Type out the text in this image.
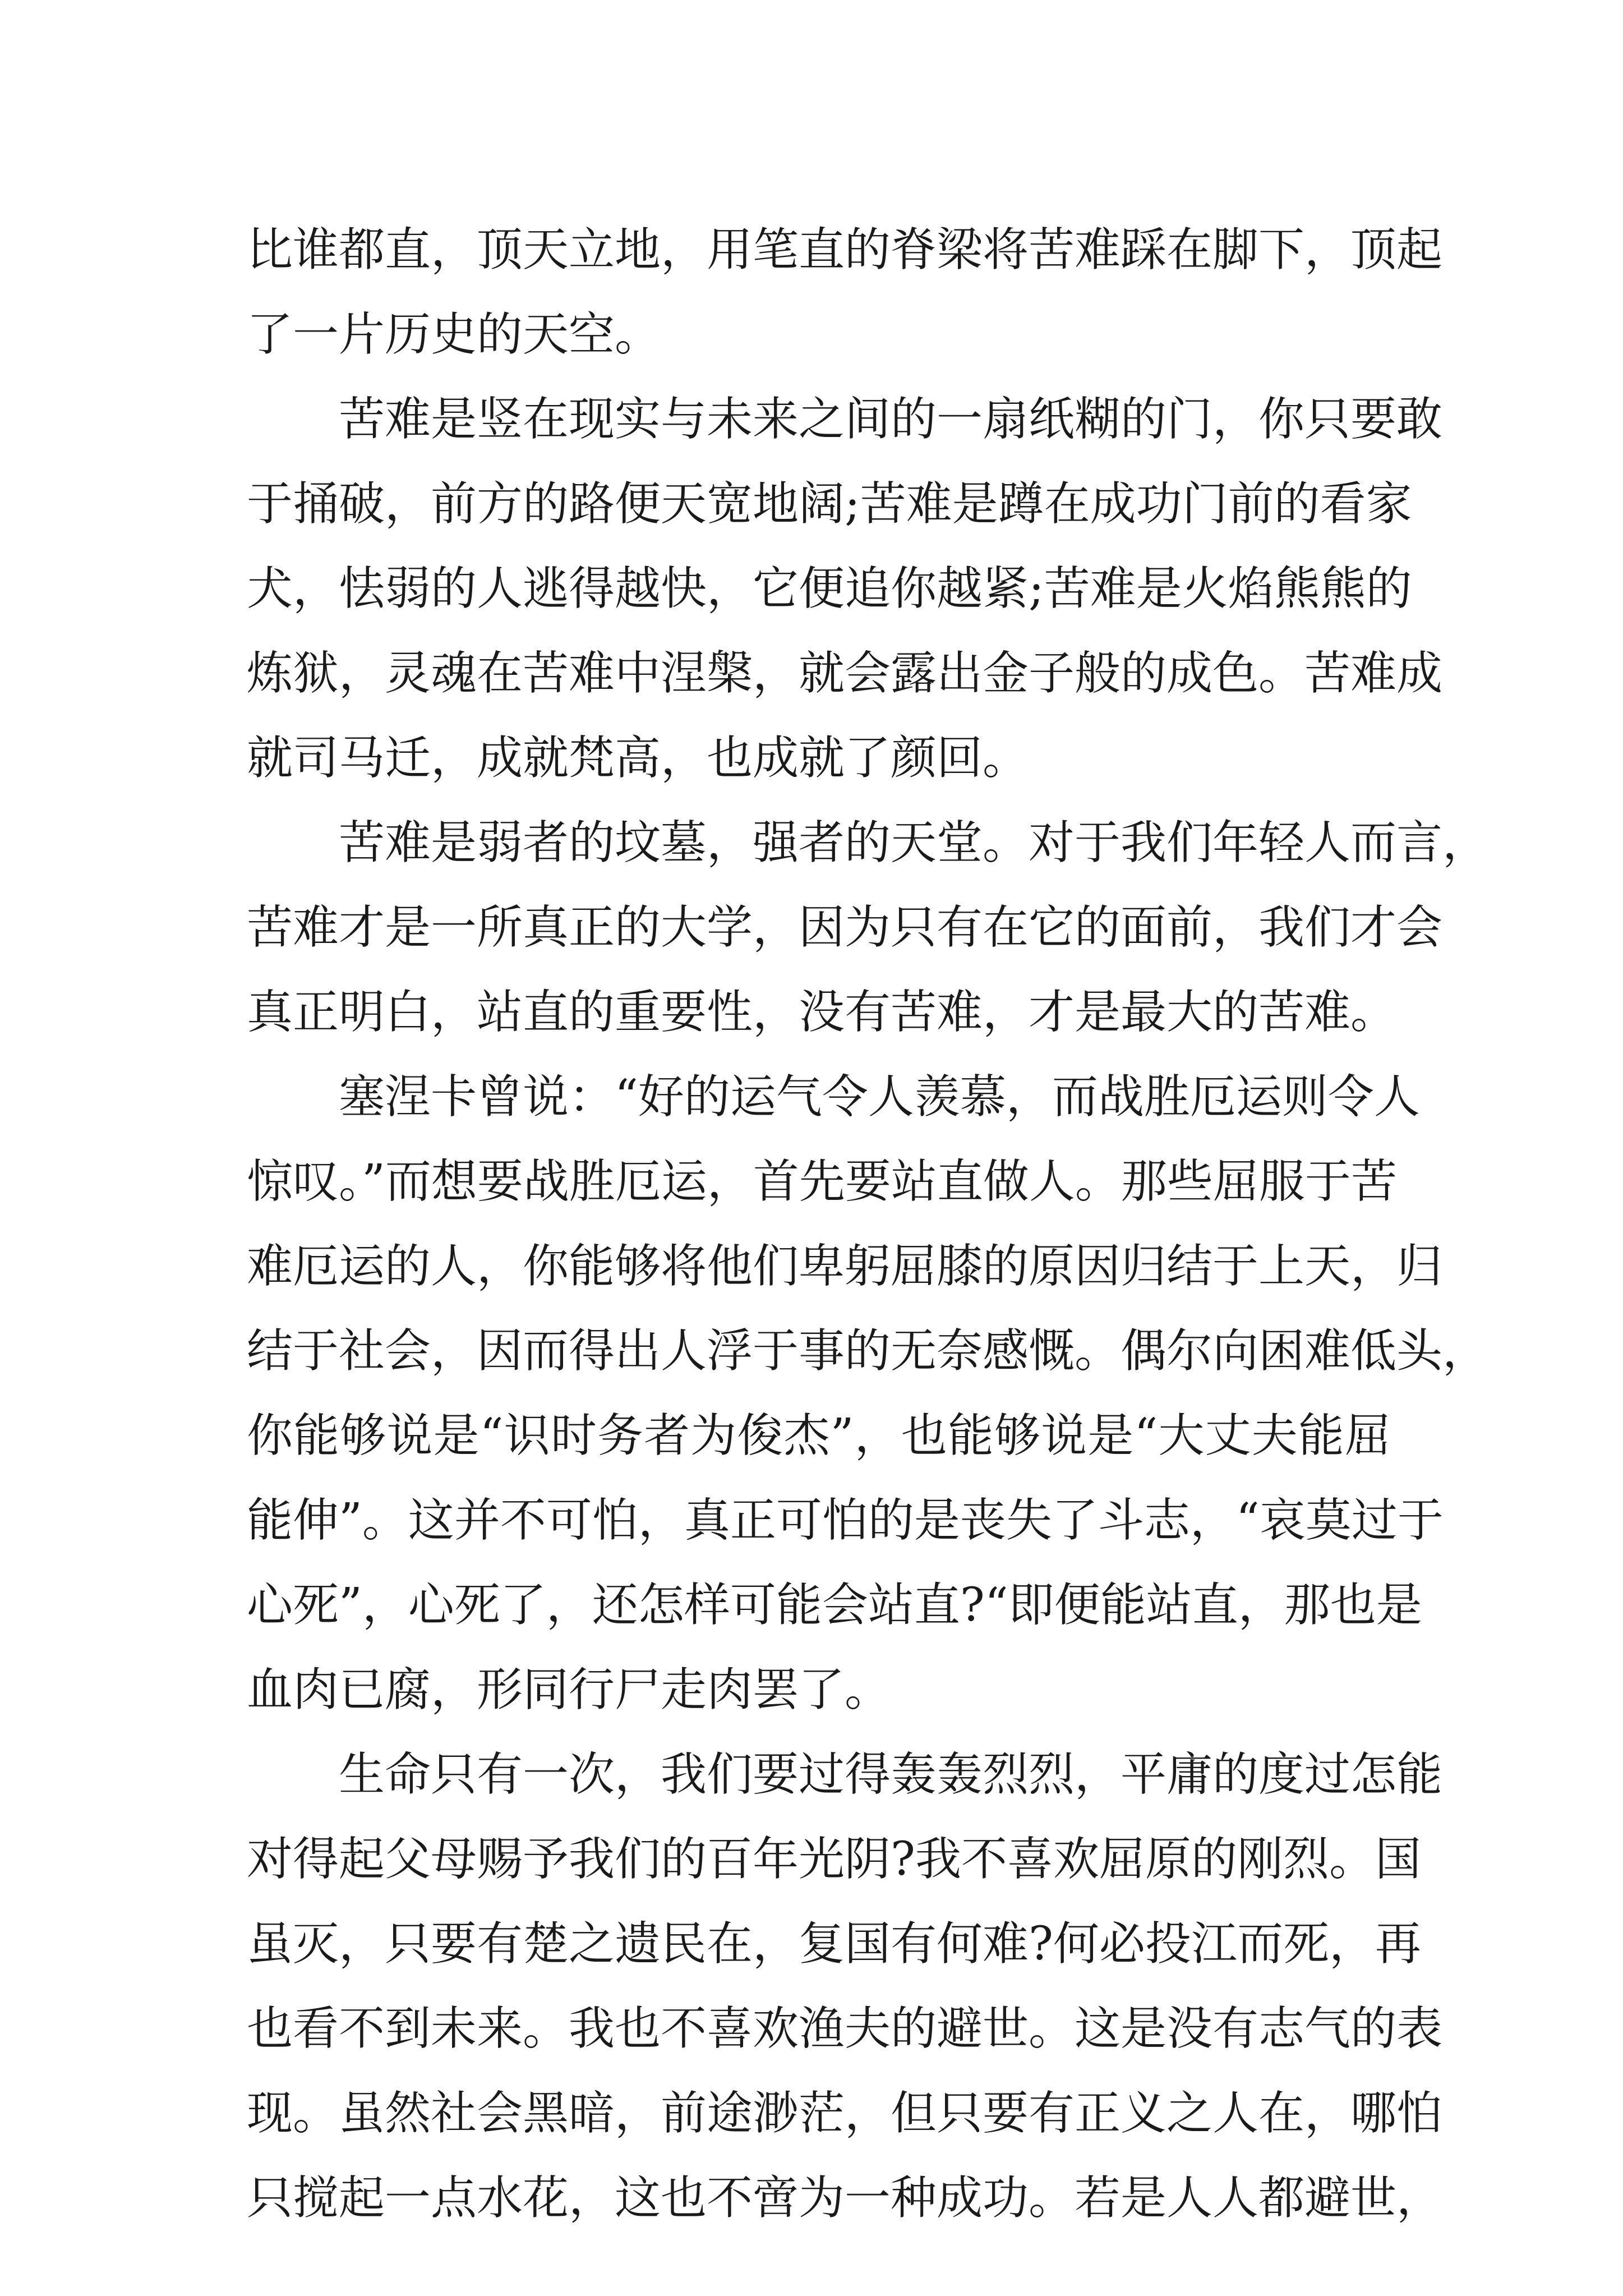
比谁都直，顶天立地，用笔直的脊梁将苦难踩在脚下，顶起
了一片历史的天空。
苦难是竖在现实与未来之间的一扇纸糊的门，你只要敢
于捅破，前方的路便天宽地阔;苦难是蹲在成功门前的看家
犬，怯弱的人逃得越快，它便追你越紧;苦难是火焰熊熊的
炼狱，灵魂在苦难中涅槃，就会露出金子般的成色。苦难成
就司马迁，成就梵高，也成就了颜回。
苦难是弱者的坟墓，强者的天堂。对于我们年轻人而言，
苦难才是一所真正的大学，因为只有在它的面前，我们才会
真正明白，站直的重要性，没有苦难，才是最大的苦难。
塞涅卡曾说：“好的运气令人羡慕，而战胜厄运则令人
惊叹。”而想要战胜厄运，首先要站直做人。那些屈服于苦
难厄运的人，你能够将他们卑躬屈膝的原因归结于上天，归
结于社会，因而得出人浮于事的无奈感慨。偶尔向困难低头，
你能够说是“识时务者为俊杰”，也能够说是“大丈夫能屈
能伸”。这并不可怕，真正可怕的是丧失了斗志，“哀莫过于
心死”，心死了，还怎样可能会站直?“即便能站直，那也是
血肉已腐，形同行尸走肉罢了。
生命只有一次，我们要过得轰轰烈烈，平庸的度过怎能
对得起父母赐予我们的百年光阴?我不喜欢屈原的刚烈。国
虽灭，只要有楚之遗民在，复国有何难?何必投江而死，再
也看不到未来。我也不喜欢渔夫的避世。这是没有志气的表
现。虽然社会黑暗，前途渺茫，但只要有正义之人在，哪怕
只搅起一点水花，这也不啻为一种成功。若是人人都避世，
